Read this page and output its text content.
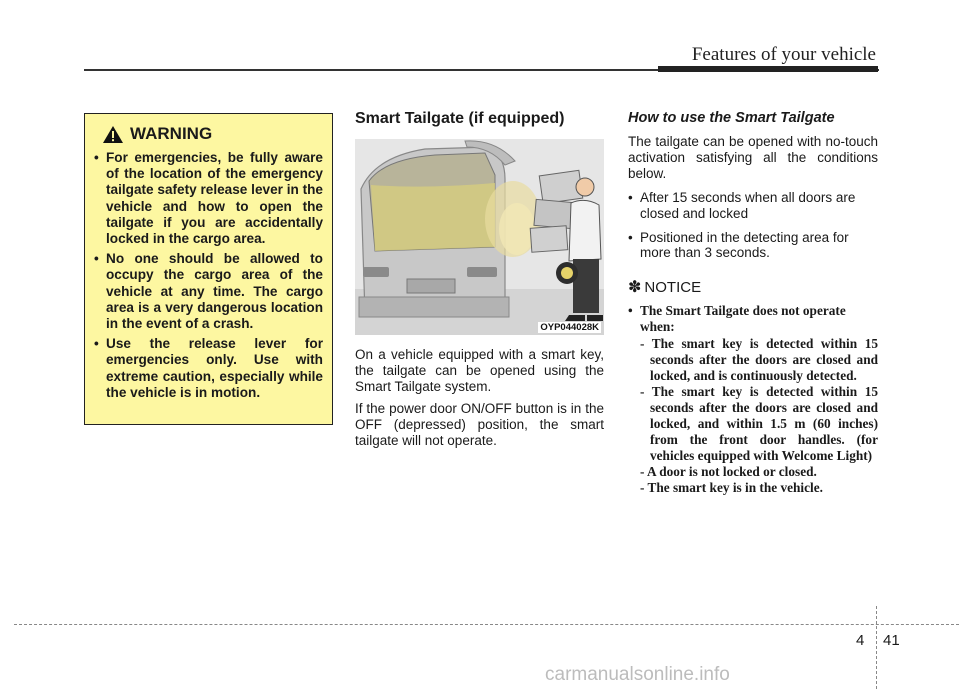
Features of your vehicle
WARNING
• For emergencies, be fully aware of the location of the emergency tailgate safety release lever in the vehicle and how to open the tailgate if you are accidentally locked in the cargo area.
• No one should be allowed to occupy the cargo area of the vehicle at any time. The cargo area is a very dangerous location in the event of a crash.
• Use the release lever for emergencies only. Use with extreme caution, especially while the vehicle is in motion.
Smart Tailgate (if equipped)
OYP044028K

On a vehicle equipped with a smart key, the tailgate can be opened using the Smart Tailgate system.

If the power door ON/OFF button is in the OFF (depressed) position, the smart tailgate will not operate.

How to use the Smart Tailgate

The tailgate can be opened with no-touch activation satisfying all the conditions below.

• After 15 seconds when all doors are closed and locked
• Positioned in the detecting area for more than 3 seconds.
✽ NOTICE
• The Smart Tailgate does not operate when:
- The smart key is detected within 15 seconds after the doors are closed and locked, and is continuously detected.
- The smart key is detected within 15 seconds after the doors are closed and locked, and within 1.5 m (60 inches) from the front door handles. (for vehicles equipped with Welcome Light)
- A door is not locked or closed.
- The smart key is in the vehicle.
4 41
carmanualsonline.info
